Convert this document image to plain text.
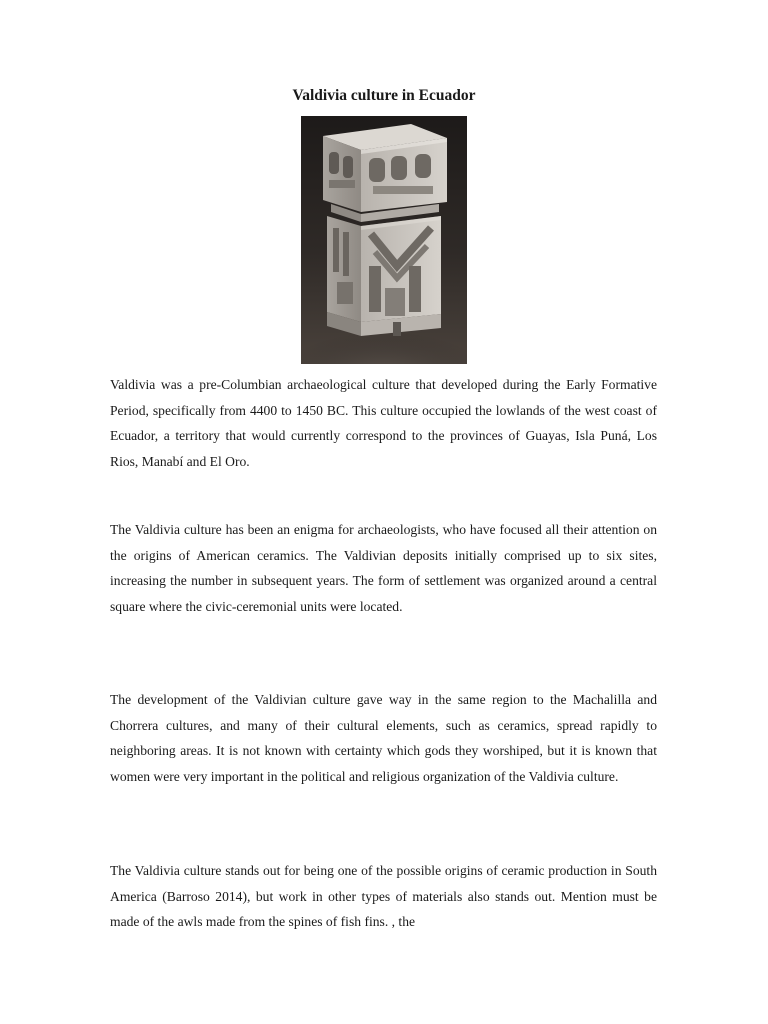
Valdivia culture in Ecuador

Valdivia was a pre-Columbian archaeological culture that developed during the Early Formative Period, specifically from 4400 to 1450 BC. This culture occupied the lowlands of the west coast of Ecuador, a territory that would currently correspond to the provinces of Guayas, Isla Puná, Los Rios, Manabí and El Oro.

The Valdivia culture has been an enigma for archaeologists, who have focused all their attention on the origins of American ceramics. The Valdivian deposits initially comprised up to six sites, increasing the number in subsequent years. The form of settlement was organized around a central square where the civic-ceremonial units were located.

The development of the Valdivian culture gave way in the same region to the Machalilla and Chorrera cultures, and many of their cultural elements, such as ceramics, spread rapidly to neighboring areas. It is not known with certainty which gods they worshiped, but it is known that women were very important in the political and religious organization of the Valdivia culture.

The Valdivia culture stands out for being one of the possible origins of ceramic production in South America (Barroso 2014), but work in other types of materials also stands out. Mention must be made of the awls made from the spines of fish fins. , the
